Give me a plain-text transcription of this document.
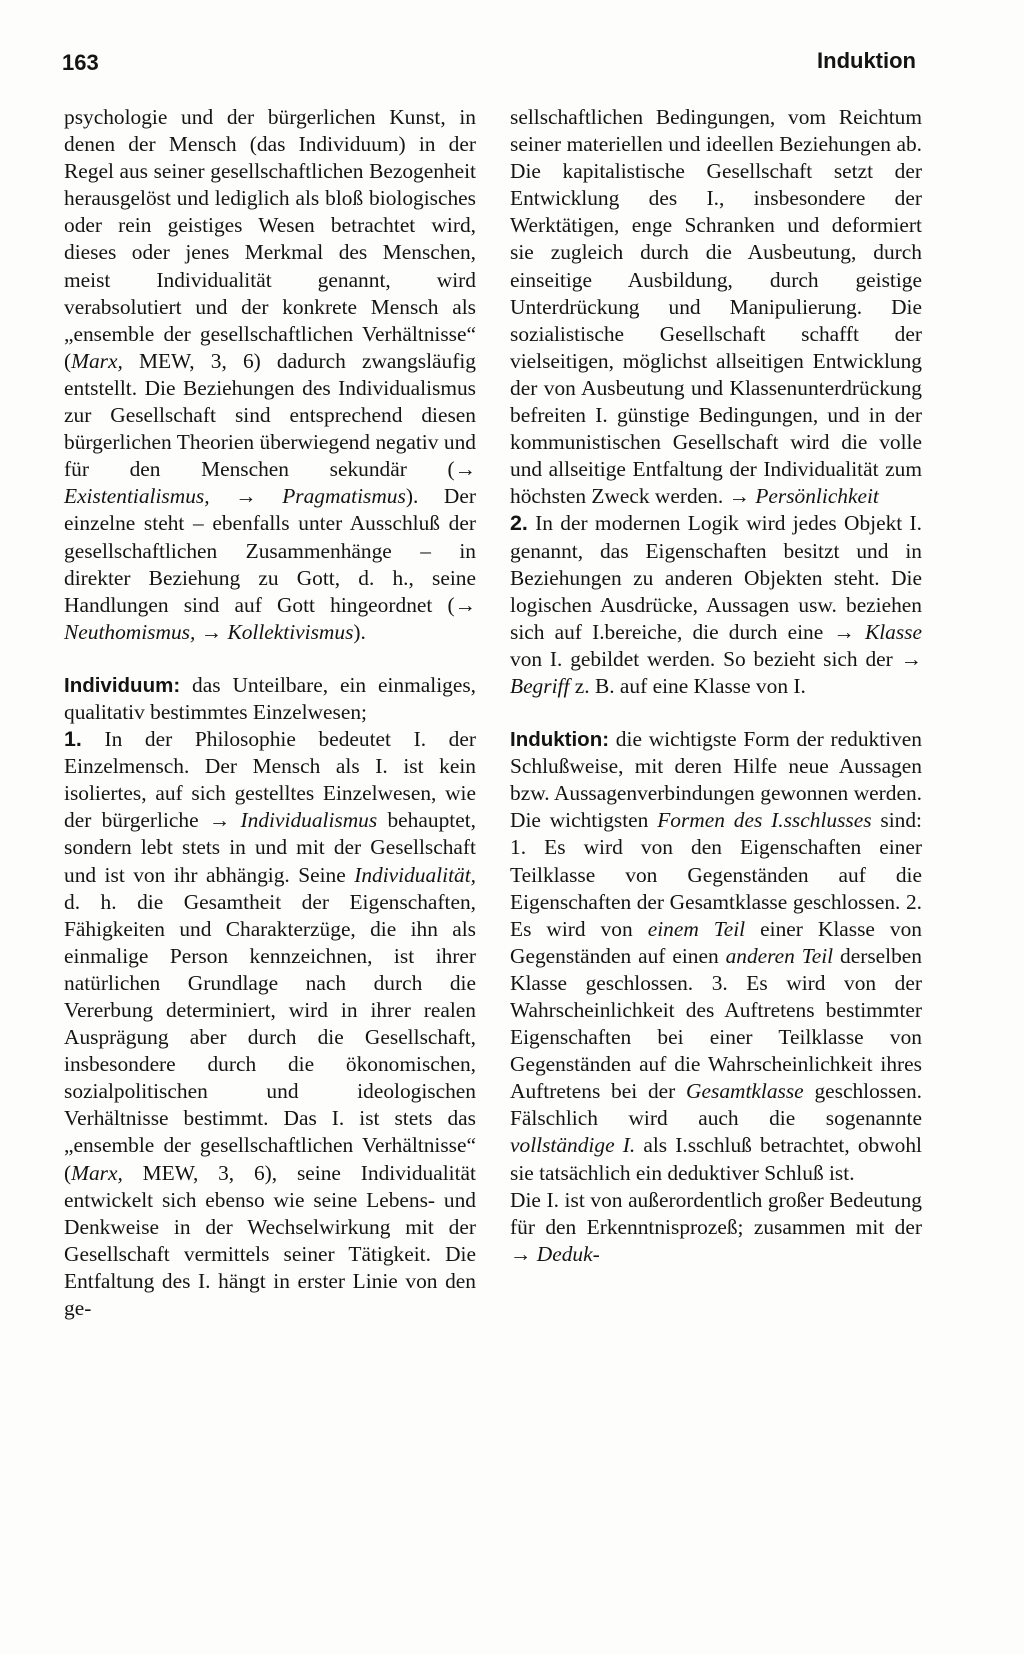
163	Induktion

psychologie und der bürgerlichen Kunst, in denen der Mensch (das Individuum) in der Regel aus seiner gesellschaftlichen Bezogenheit herausgelöst und lediglich als bloß biologisches oder rein geistiges Wesen betrachtet wird, dieses oder jenes Merkmal des Menschen, meist Individualität genannt, wird verabsolutiert und der konkrete Mensch als „ensemble der gesellschaftlichen Verhältnisse“ (Marx, MEW, 3, 6) dadurch zwangsläufig entstellt. Die Beziehungen des Individualismus zur Gesellschaft sind entsprechend diesen bürgerlichen Theorien überwiegend negativ und für den Menschen sekundär (→ Existentialismus, → Pragmatismus). Der einzelne steht – ebenfalls unter Ausschluß der gesellschaftlichen Zusammenhänge – in direkter Beziehung zu Gott, d. h., seine Handlungen sind auf Gott hingeordnet (→ Neuthomismus, → Kollektivismus).

Individuum: das Unteilbare, ein einmaliges, qualitativ bestimmtes Einzelwesen;

1. In der Philosophie bedeutet I. der Einzelmensch. Der Mensch als I. ist kein isoliertes, auf sich gestelltes Einzelwesen, wie der bürgerliche → Individualismus behauptet, sondern lebt stets in und mit der Gesellschaft und ist von ihr abhängig. Seine Individualität, d. h. die Gesamtheit der Eigenschaften, Fähigkeiten und Charakterzüge, die ihn als einmalige Person kennzeichnen, ist ihrer natürlichen Grundlage nach durch die Vererbung determiniert, wird in ihrer realen Ausprägung aber durch die Gesellschaft, insbesondere durch die ökonomischen, sozialpolitischen und ideologischen Verhältnisse bestimmt. Das I. ist stets das „ensemble der gesellschaftlichen Verhältnisse“ (Marx, MEW, 3, 6), seine Individualität entwickelt sich ebenso wie seine Lebens- und Denkweise in der Wechselwirkung mit der Gesellschaft vermittels seiner Tätigkeit. Die Entfaltung des I. hängt in erster Linie von den ge-

sellschaftlichen Bedingungen, vom Reichtum seiner materiellen und ideellen Beziehungen ab. Die kapitalistische Gesellschaft setzt der Entwicklung des I., insbesondere der Werktätigen, enge Schranken und deformiert sie zugleich durch die Ausbeutung, durch einseitige Ausbildung, durch geistige Unterdrückung und Manipulierung. Die sozialistische Gesellschaft schafft der vielseitigen, möglichst allseitigen Entwicklung der von Ausbeutung und Klassenunterdrückung befreiten I. günstige Bedingungen, und in der kommunistischen Gesellschaft wird die volle und allseitige Entfaltung der Individualität zum höchsten Zweck werden. → Persönlichkeit

2. In der modernen Logik wird jedes Objekt I. genannt, das Eigenschaften besitzt und in Beziehungen zu anderen Objekten steht. Die logischen Ausdrücke, Aussagen usw. beziehen sich auf I.bereiche, die durch eine → Klasse von I. gebildet werden. So bezieht sich der → Begriff z. B. auf eine Klasse von I.

Induktion: die wichtigste Form der reduktiven Schlußweise, mit deren Hilfe neue Aussagen bzw. Aussagenverbindungen gewonnen werden. Die wichtigsten Formen des I.sschlusses sind: 1. Es wird von den Eigenschaften einer Teilklasse von Gegenständen auf die Eigenschaften der Gesamtklasse geschlossen. 2. Es wird von einem Teil einer Klasse von Gegenständen auf einen anderen Teil derselben Klasse geschlossen. 3. Es wird von der Wahrscheinlichkeit des Auftretens bestimmter Eigenschaften bei einer Teilklasse von Gegenständen auf die Wahrscheinlichkeit ihres Auftretens bei der Gesamtklasse geschlossen. Fälschlich wird auch die sogenannte vollständige I. als I.sschluß betrachtet, obwohl sie tatsächlich ein deduktiver Schluß ist.

Die I. ist von außerordentlich großer Bedeutung für den Erkenntnisprozeß; zusammen mit der → Deduk-
